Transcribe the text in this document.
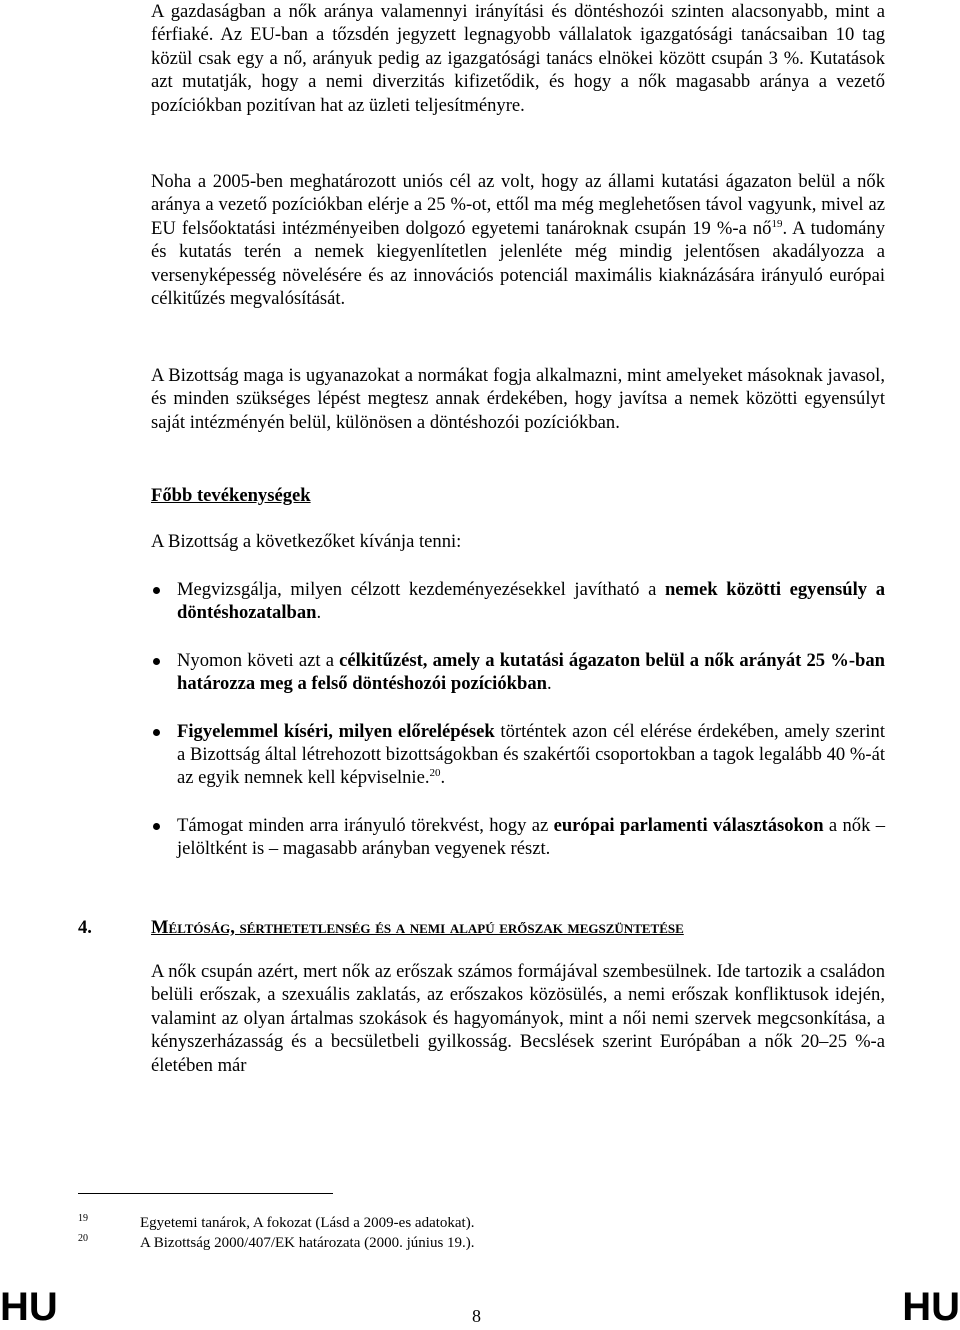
A gazdaságban a nők aránya valamennyi irányítási és döntéshozói szinten alacsonyabb, mint a férfiaké. Az EU-ban a tőzsdén jegyzett legnagyobb vállalatok igazgatósági tanácsaiban 10 tag közül csak egy a nő, arányuk pedig az igazgatósági tanács elnökei között csupán 3 %. Kutatások azt mutatják, hogy a nemi diverzitás kifizetődik, és hogy a nők magasabb aránya a vezető pozíciókban pozitívan hat az üzleti teljesítményre.

Noha a 2005-ben meghatározott uniós cél az volt, hogy az állami kutatási ágazaton belül a nők aránya a vezető pozíciókban elérje a 25 %-ot, ettől ma még meglehetősen távol vagyunk, mivel az EU felsőoktatási intézményeiben dolgozó egyetemi tanároknak csupán 19 %-a $nő^{19}$. A tudomány és kutatás terén a nemek kiegyenlítetlen jelenléte még mindig jelentősen akadályozza a versenyképesség növelésére és az innovációs potenciál maximális kiaknázására irányuló európai célkitűzés megvalósítását.

A Bizottság maga is ugyanazokat a normákat fogja alkalmazni, mint amelyeket másoknak javasol, és minden szükséges lépést megtesz annak érdekében, hogy javítsa a nemek közötti egyensúlyt saját intézményén belül, különösen a döntéshozói pozíciókban.

Főbb tevékenységek

A Bizottság a következőket kívánja tenni:

Megvizsgálja, milyen célzott kezdeményezésekkel javítható a nemek közötti egyensúly a döntéshozatalban.
Nyomon követi azt a célkitűzést, amely a kutatási ágazaton belül a nők arányát 25 %-ban határozza meg a felső döntéshozói pozíciókban.
Figyelemmel kíséri, milyen előrelépések történtek azon cél elérése érdekében, amely szerint a Bizottság által létrehozott bizottságokban és szakértői csoportokban a tagok legalább 40 %-át az egyik nemnek kell képviselnie.$^{20}$.
Támogat minden arra irányuló törekvést, hogy az európai parlamenti választásokon a nők – jelöltként is – magasabb arányban vegyenek részt.

4.	Méltóság, sérthetetlenség és a nemi alapú erőszak megszüntetése

A nők csupán azért, mert nők az erőszak számos formájával szembesülnek. Ide tartozik a családon belüli erőszak, a szexuális zaklatás, az erőszakos közösülés, a nemi erőszak konfliktusok idején, valamint az olyan ártalmas szokások és hagyományok, mint a női nemi szervek megcsonkítása, a kényszerházasság és a becsületbeli gyilkosság. Becslések szerint Európában a nők 20–25 %-a életében már

19	Egyetemi tanárok, A fokozat (Lásd a 2009-es adatokat).
20	A Bizottság 2000/407/EK határozata (2000. június 19.).
HU	8	HU
